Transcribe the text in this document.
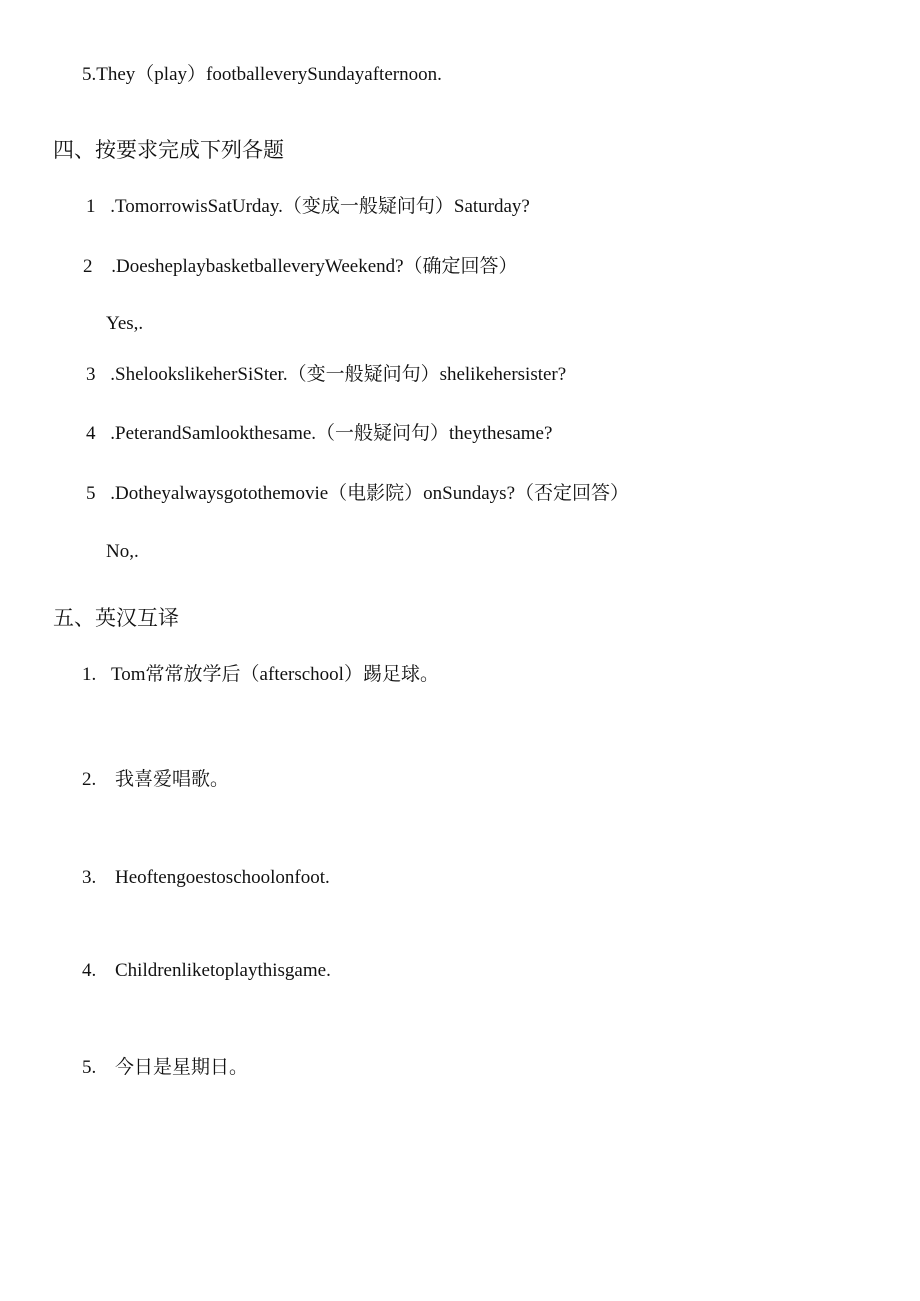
5.They（play）footballeverySundayafternoon.
四、按要求完成下列各题
1 .TomorrowisSatUrday.（变成一般疑问句）Saturday?
2 .DoesheplaybasketballeveryWeekend?（确定回答）
Yes,.
3 .ShelookslikeherSiSter.（变一般疑问句）shelikehersister?
4 .PeterandSamlookthesame.（一般疑问句）theythesame?
5 .Dotheyalwaysgotothemovie（电影院）onSundays?（否定回答）
No,.
五、英汉互译
1. Tom常常放学后（afterschool）踢足球。
2. 我喜爱唱歌。
3. Heoftengoestoschoolonfoot.
4. Childrenliketoplaythisgame.
5. 今日是星期日。
